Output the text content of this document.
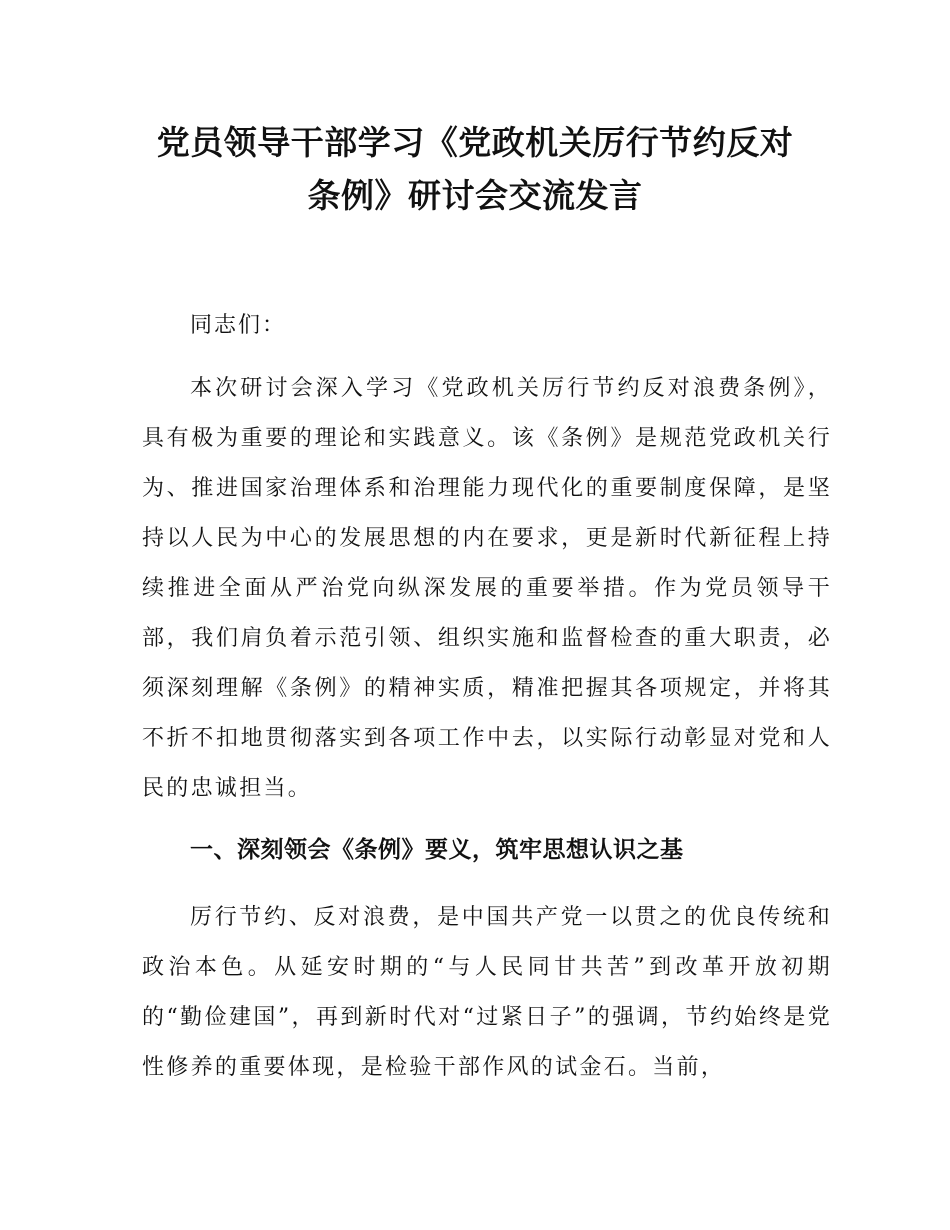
党员领导干部学习《党政机关厉行节约反对
条例》研讨会交流发言
同志们：

本次研讨会深入学习《党政机关厉行节约反对浪费条例》，具有极为重要的理论和实践意义。该《条例》是规范党政机关行为、推进国家治理体系和治理能力现代化的重要制度保障，是坚持以人民为中心的发展思想的内在要求，更是新时代新征程上持续推进全面从严治党向纵深发展的重要举措。作为党员领导干部，我们肩负着示范引领、组织实施和监督检查的重大职责，必须深刻理解《条例》的精神实质，精准把握其各项规定，并将其不折不扣地贯彻落实到各项工作中去，以实际行动彰显对党和人民的忠诚担当。

一、深刻领会《条例》要义，筑牢思想认识之基

厉行节约、反对浪费，是中国共产党一以贯之的优良传统和政治本色。从延安时期的“与人民同甘共苦”到改革开放初期的“勤俭建国”，再到新时代对“过紧日子”的强调，节约始终是党性修养的重要体现，是检验干部作风的试金石。当前，
